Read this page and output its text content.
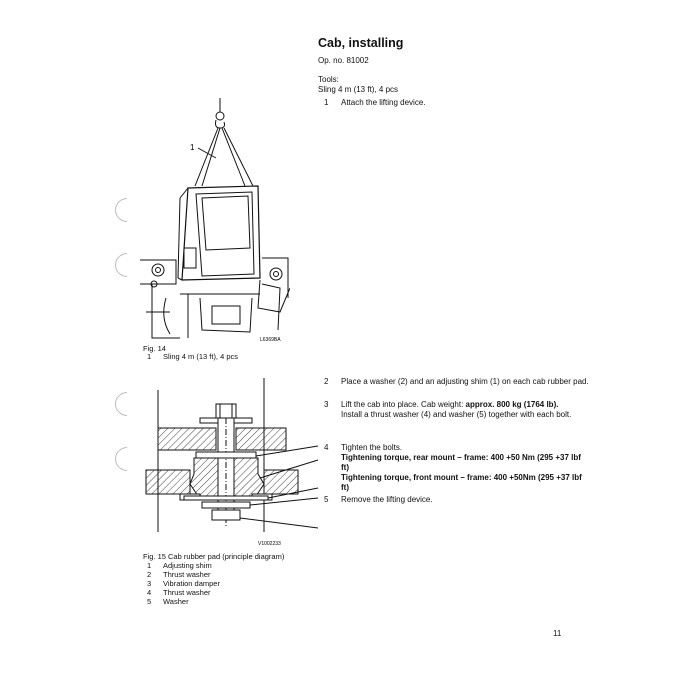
Cab, installing
Op. no. 81002
Tools:
Sling 4 m (13 ft), 4 pcs
1 Attach the lifting device.
L6369BA
1
Fig. 14
1 Sling 4 m (13 ft), 4 pcs
2 Place a washer (2) and an adjusting shim (1) on each cab rubber pad.
3 Lift the cab into place. Cab weight: approx. 800 kg (1764 lb).
Install a thrust washer (4) and washer (5) together with each bolt.
4 Tighten the bolts.
Tightening torque, rear mount – frame: 400 +50 Nm (295 +37 lbf ft)
Tightening torque, front mount – frame: 400 +50Nm (295 +37 lbf ft)
5 Remove the lifting device.
V1002233
Fig. 15 Cab rubber pad (principle diagram)
1 Adjusting shim
2 Thrust washer
3 Vibration damper
4 Thrust washer
5 Washer
11
